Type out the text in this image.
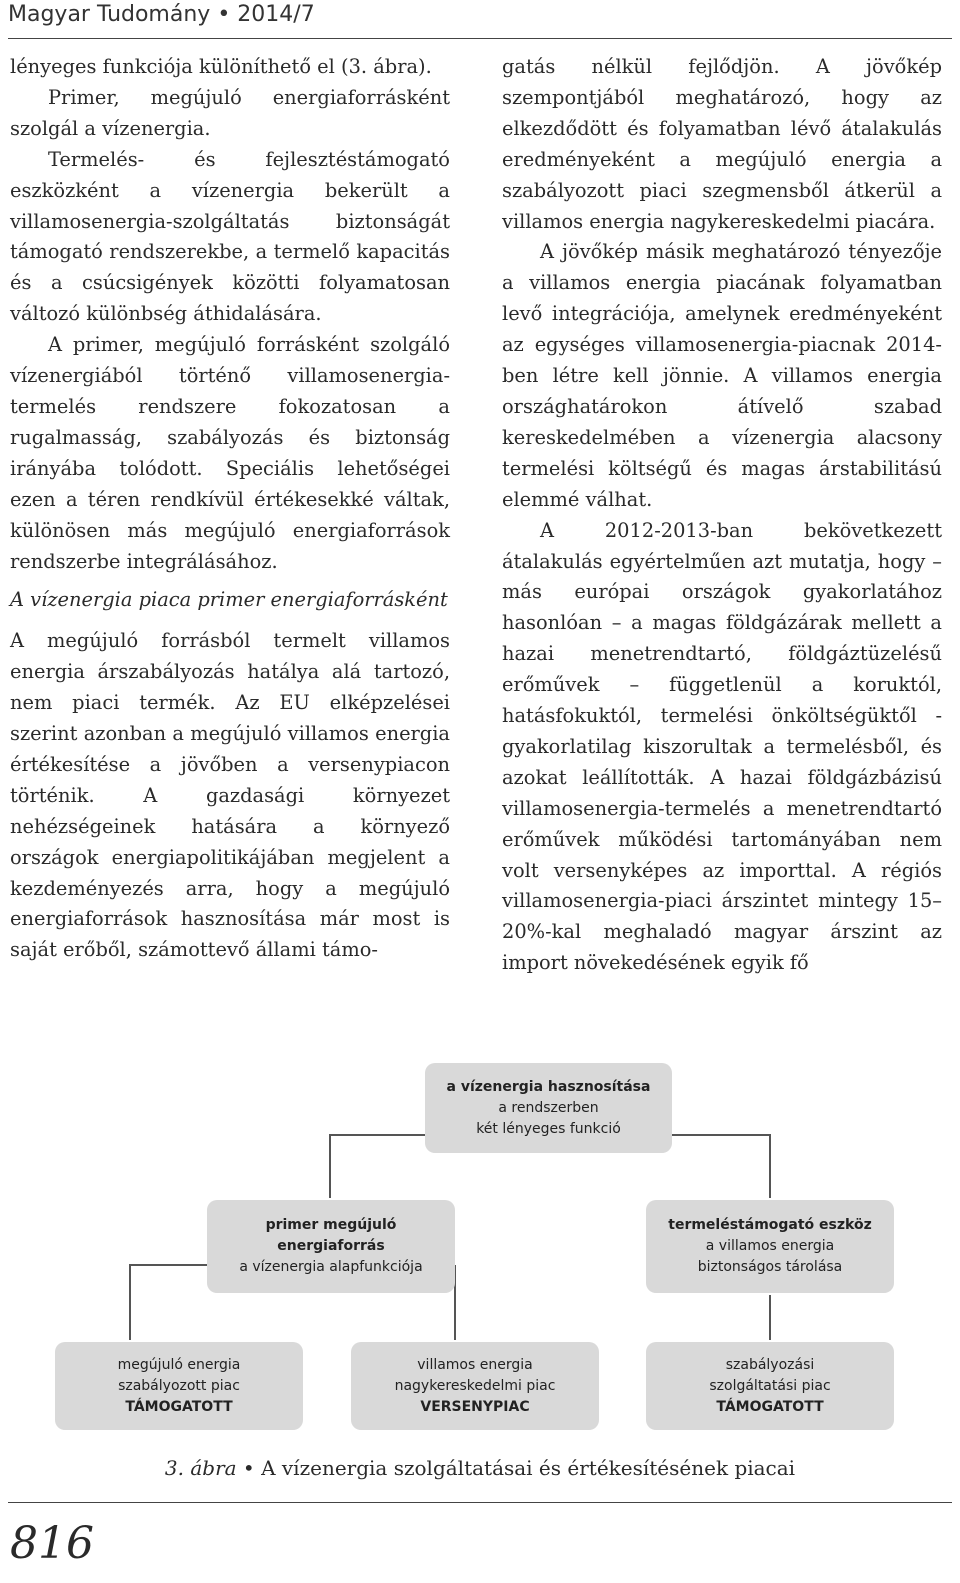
Magyar Tudomány • 2014/7

lényeges funkciója különíthető el (3. ábra).

Primer, megújuló energiaforrásként szolgál a vízenergia.

Termelés- és fejlesztéstámogató eszközként a vízenergia bekerült a villamosenergia-szolgáltatás biztonságát támogató rendszerekbe, a termelő kapacitás és a csúcsigények közötti folyamatosan változó különbség áthidalására.

A primer, megújuló forrásként szolgáló vízenergiából történő villamosenergia-termelés rendszere fokozatosan a rugalmasság, szabályozás és biztonság irányába tolódott. Speciális lehetőségei ezen a téren rendkívül értékesekké váltak, különösen más megújuló energiaforrások rendszerbe integrálásához.

A vízenergia piaca primer energiaforrásként

A megújuló forrásból termelt villamos energia árszabályozás hatálya alá tartozó, nem piaci termék. Az EU elképzelései szerint azonban a megújuló villamos energia értékesítése a jövőben a versenypiacon történik. A gazdasági környezet nehézségeinek hatására a környező országok energiapolitikájában megjelent a kezdeményezés arra, hogy a megújuló energiaforrások hasznosítása már most is saját erőből, számottevő állami támo-

gatás nélkül fejlődjön. A jövőkép szempontjából meghatározó, hogy az elkezdődött és folyamatban lévő átalakulás eredményeként a megújuló energia a szabályozott piaci szegmensből átkerül a villamos energia nagykereskedelmi piacára.

A jövőkép másik meghatározó tényezője a villamos energia piacának folyamatban levő integrációja, amelynek eredményeként az egységes villamosenergia-piacnak 2014-ben létre kell jönnie. A villamos energia országhatárokon átívelő szabad kereskedelmében a vízenergia alacsony termelési költségű és magas árstabilitású elemmé válhat.

A 2012-2013-ban bekövetkezett átalakulás egyértelműen azt mutatja, hogy – más európai országok gyakorlatához hasonlóan – a magas földgázárak mellett a hazai menetrendtartó, földgáztüzelésű erőművek – függetlenül a koruktól, hatásfokuktól, termelési önköltségüktől - gyakorlatilag kiszorultak a termelésből, és azokat leállították. A hazai földgázbázisú villamosenergia-termelés a menetrendtartó erőművek működési tartományában nem volt versenyképes az importtal. A régiós villamosenergia-piaci árszintet mintegy 15–20%-kal meghaladó magyar árszint az import növekedésének egyik fő

a vízenergia hasznosítása
a rendszerben
két lényeges funkció
primer megújuló
energiaforrás
a vízenergia alapfunkciója
termeléstámogató eszköz
a villamos energia
biztonságos tárolása
megújuló energia
szabályozott piac
TÁMOGATOTT
villamos energia
nagykereskedelmi piac
VERSENYPIAC
szabályozási
szolgáltatási piac
TÁMOGATOTT
3. ábra • A vízenergia szolgáltatásai és értékesítésének piacai
816
